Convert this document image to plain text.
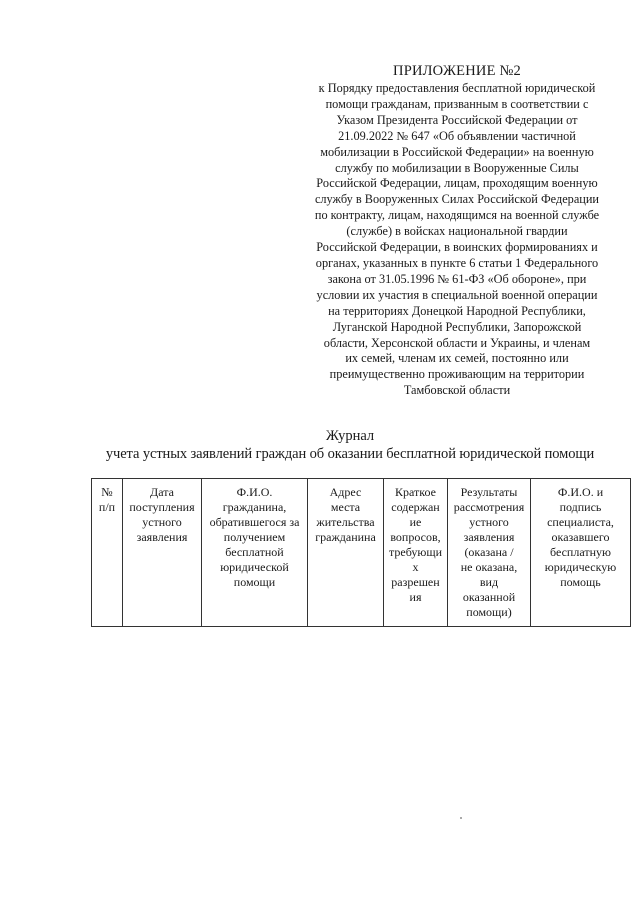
ПРИЛОЖЕНИЕ №2
к Порядку предоставления бесплатной юридической
помощи гражданам, призванным в соответствии с
Указом Президента Российской Федерации от
21.09.2022 № 647 «Об объявлении частичной
мобилизации в Российской Федерации» на военную
службу по мобилизации в Вооруженные Силы
Российской Федерации, лицам, проходящим военную
службу в Вооруженных Силах Российской Федерации
по контракту, лицам, находящимся на военной службе
(службе) в войсках национальной гвардии
Российской Федерации, в воинских формированиях и
органах, указанных в пункте 6 статьи 1 Федерального
закона от 31.05.1996 № 61-ФЗ «Об обороне», при
условии их участия в специальной военной операции
на территориях Донецкой Народной Республики,
Луганской Народной Республики, Запорожской
области, Херсонской области и Украины, и членам
их семей, членам их семей, постоянно или
преимущественно проживающим на территории
Тамбовской области
Журнал
учета устных заявлений граждан об оказании бесплатной юридической помощи
№
п/п

Дата
поступления
устного
заявления

Ф.И.О.
гражданина,
обратившегося за
получением
бесплатной
юридической
помощи

Адрес
места
жительства
гражданина

Краткое
содержан
ие
вопросов,
требующи
х
разрешен
ия

Результаты
рассмотрения
устного
заявления
(оказана /
не оказана,
вид
оказанной
помощи)

Ф.И.О. и
подпись
специалиста,
оказавшего
бесплатную
юридическую
помощь
